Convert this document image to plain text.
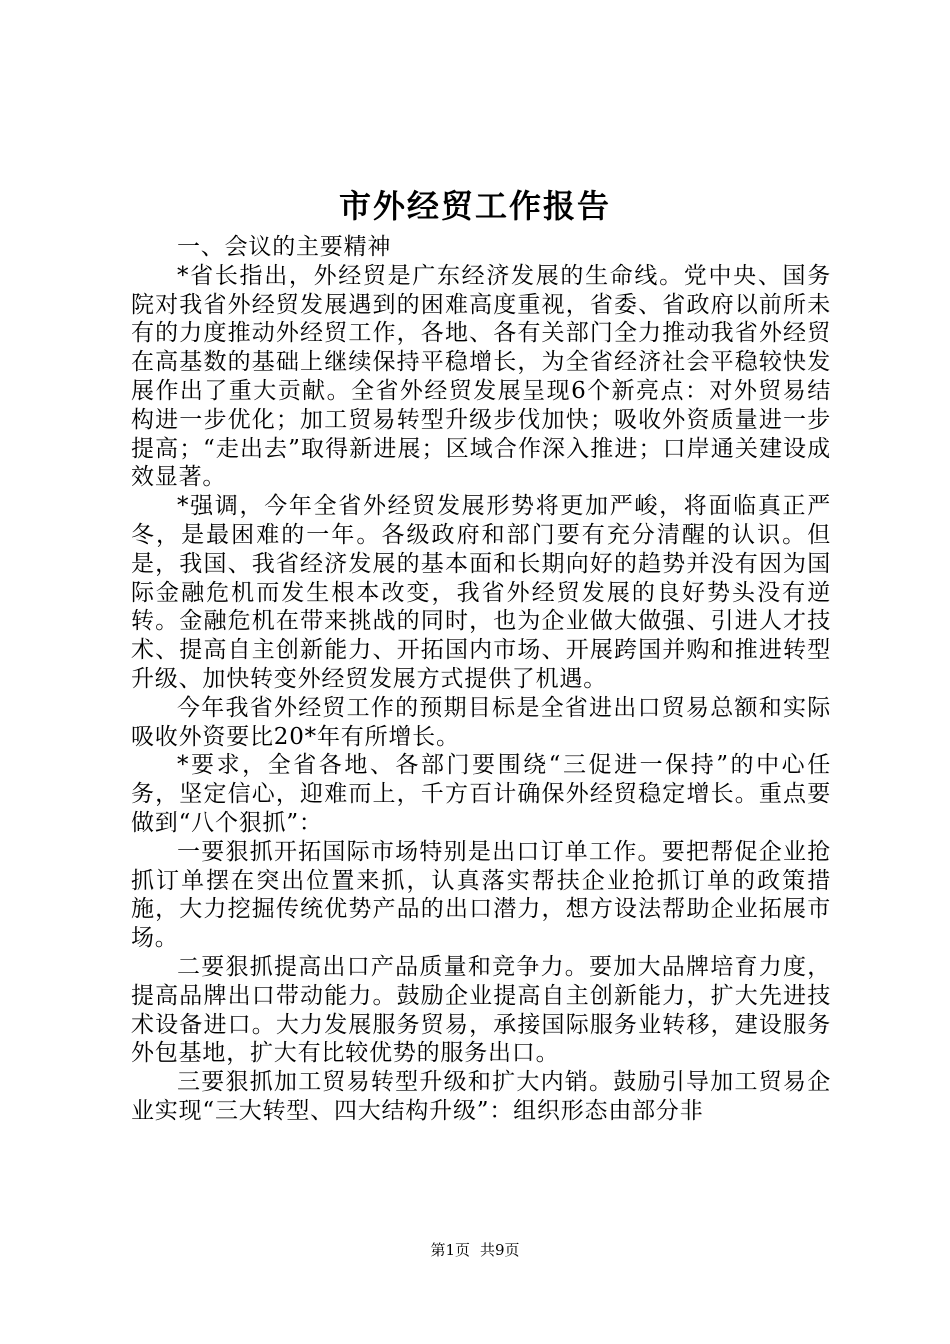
市外经贸工作报告

一、会议的主要精神

*省长指出，外经贸是广东经济发展的生命线。党中央、国务院对我省外经贸发展遇到的困难高度重视，省委、省政府以前所未有的力度推动外经贸工作，各地、各有关部门全力推动我省外经贸在高基数的基础上继续保持平稳增长，为全省经济社会平稳较快发展作出了重大贡献。全省外经贸发展呈现6个新亮点：对外贸易结构进一步优化；加工贸易转型升级步伐加快；吸收外资质量进一步提高；“走出去”取得新进展；区域合作深入推进；口岸通关建设成效显著。

*强调，今年全省外经贸发展形势将更加严峻，将面临真正严冬，是最困难的一年。各级政府和部门要有充分清醒的认识。但是，我国、我省经济发展的基本面和长期向好的趋势并没有因为国际金融危机而发生根本改变，我省外经贸发展的良好势头没有逆转。金融危机在带来挑战的同时，也为企业做大做强、引进人才技术、提高自主创新能力、开拓国内市场、开展跨国并购和推进转型升级、加快转变外经贸发展方式提供了机遇。

今年我省外经贸工作的预期目标是全省进出口贸易总额和实际吸收外资要比20*年有所增长。

*要求，全省各地、各部门要围绕“三促进一保持”的中心任务，坚定信心，迎难而上，千方百计确保外经贸稳定增长。重点要做到“八个狠抓”：

一要狠抓开拓国际市场特别是出口订单工作。要把帮促企业抢抓订单摆在突出位置来抓，认真落实帮扶企业抢抓订单的政策措施，大力挖掘传统优势产品的出口潜力，想方设法帮助企业拓展市场。

二要狠抓提高出口产品质量和竞争力。要加大品牌培育力度，提高品牌出口带动能力。鼓励企业提高自主创新能力，扩大先进技术设备进口。大力发展服务贸易，承接国际服务业转移，建设服务外包基地，扩大有比较优势的服务出口。

三要狠抓加工贸易转型升级和扩大内销。鼓励引导加工贸易企业实现“三大转型、四大结构升级”：组织形态由部分非

第1页 共9页
